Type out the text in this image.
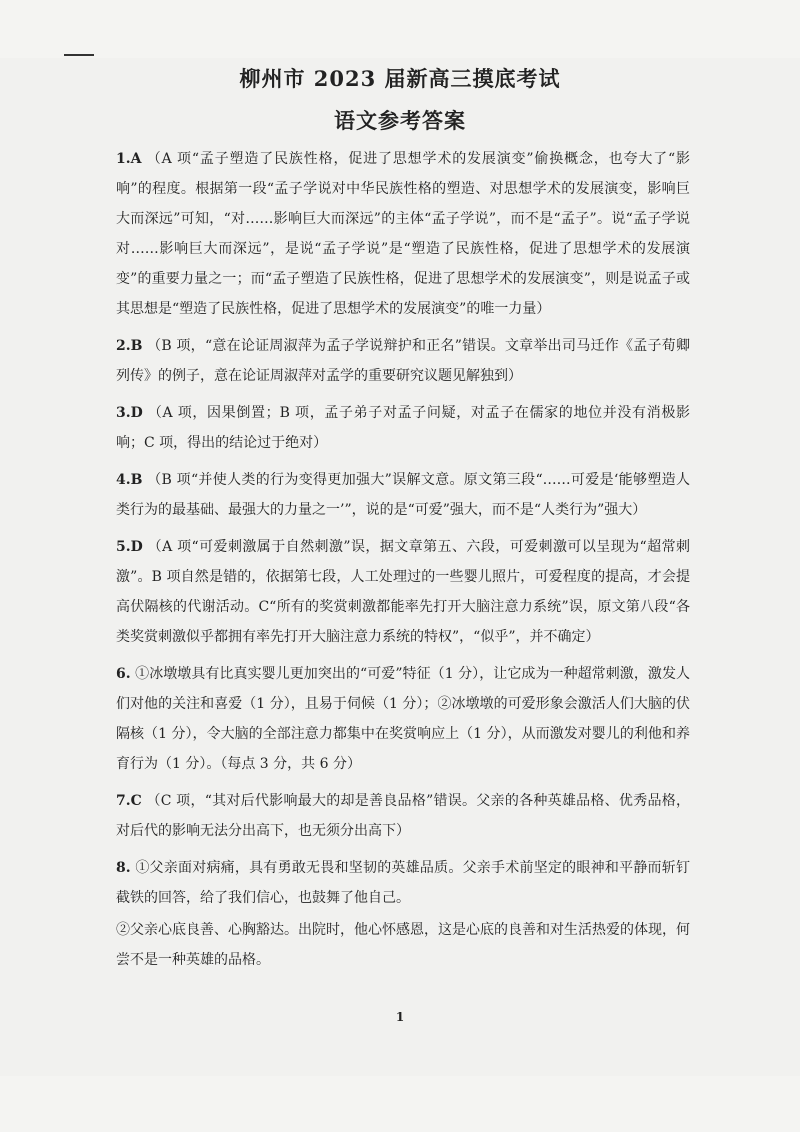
柳州市 2023 届新高三摸底考试
语文参考答案

1.A （A 项“孟子塑造了民族性格，促进了思想学术的发展演变”偷换概念，也夸大了“影响”的程度。根据第一段“孟子学说对中华民族性格的塑造、对思想学术的发展演变，影响巨大而深远”可知，“对……影响巨大而深远”的主体“孟子学说”，而不是“孟子”。说“孟子学说对……影响巨大而深远”，是说“孟子学说”是“塑造了民族性格，促进了思想学术的发展演变”的重要力量之一；而“孟子塑造了民族性格，促进了思想学术的发展演变”，则是说孟子或其思想是“塑造了民族性格，促进了思想学术的发展演变”的唯一力量）

2.B （B 项，“意在论证周淑萍为孟子学说辩护和正名”错误。文章举出司马迁作《孟子荀卿列传》的例子，意在论证周淑萍对孟学的重要研究议题见解独到）

3.D （A 项，因果倒置；B 项，孟子弟子对孟子问疑，对孟子在儒家的地位并没有消极影响；C 项，得出的结论过于绝对）

4.B （B 项“并使人类的行为变得更加强大”误解文意。原文第三段“……可爱是‘能够塑造人类行为的最基础、最强大的力量之一’”，说的是“可爱”强大，而不是“人类行为”强大）

5.D （A 项“可爱刺激属于自然刺激”误，据文章第五、六段，可爱刺激可以呈现为“超常刺激”。B 项自然是错的，依据第七段，人工处理过的一些婴儿照片，可爱程度的提高，才会提高伏隔核的代谢活动。C“所有的奖赏刺激都能率先打开大脑注意力系统”误，原文第八段“各类奖赏刺激似乎都拥有率先打开大脑注意力系统的特权”，“似乎”，并不确定）

6. ①冰墩墩具有比真实婴儿更加突出的“可爱”特征（1 分），让它成为一种超常刺激，激发人们对他的关注和喜爱（1 分），且易于伺候（1 分）；②冰墩墩的可爱形象会激活人们大脑的伏隔核（1 分），令大脑的全部注意力都集中在奖赏响应上（1 分），从而激发对婴儿的利他和养育行为（1 分）。（每点 3 分，共 6 分）

7.C （C 项，“其对后代影响最大的却是善良品格”错误。父亲的各种英雄品格、优秀品格，对后代的影响无法分出高下，也无须分出高下）

8. ①父亲面对病痛，具有勇敢无畏和坚韧的英雄品质。父亲手术前坚定的眼神和平静而斩钉截铁的回答，给了我们信心，也鼓舞了他自己。

②父亲心底良善、心胸豁达。出院时，他心怀感恩，这是心底的良善和对生活热爱的体现，何尝不是一种英雄的品格。

1
